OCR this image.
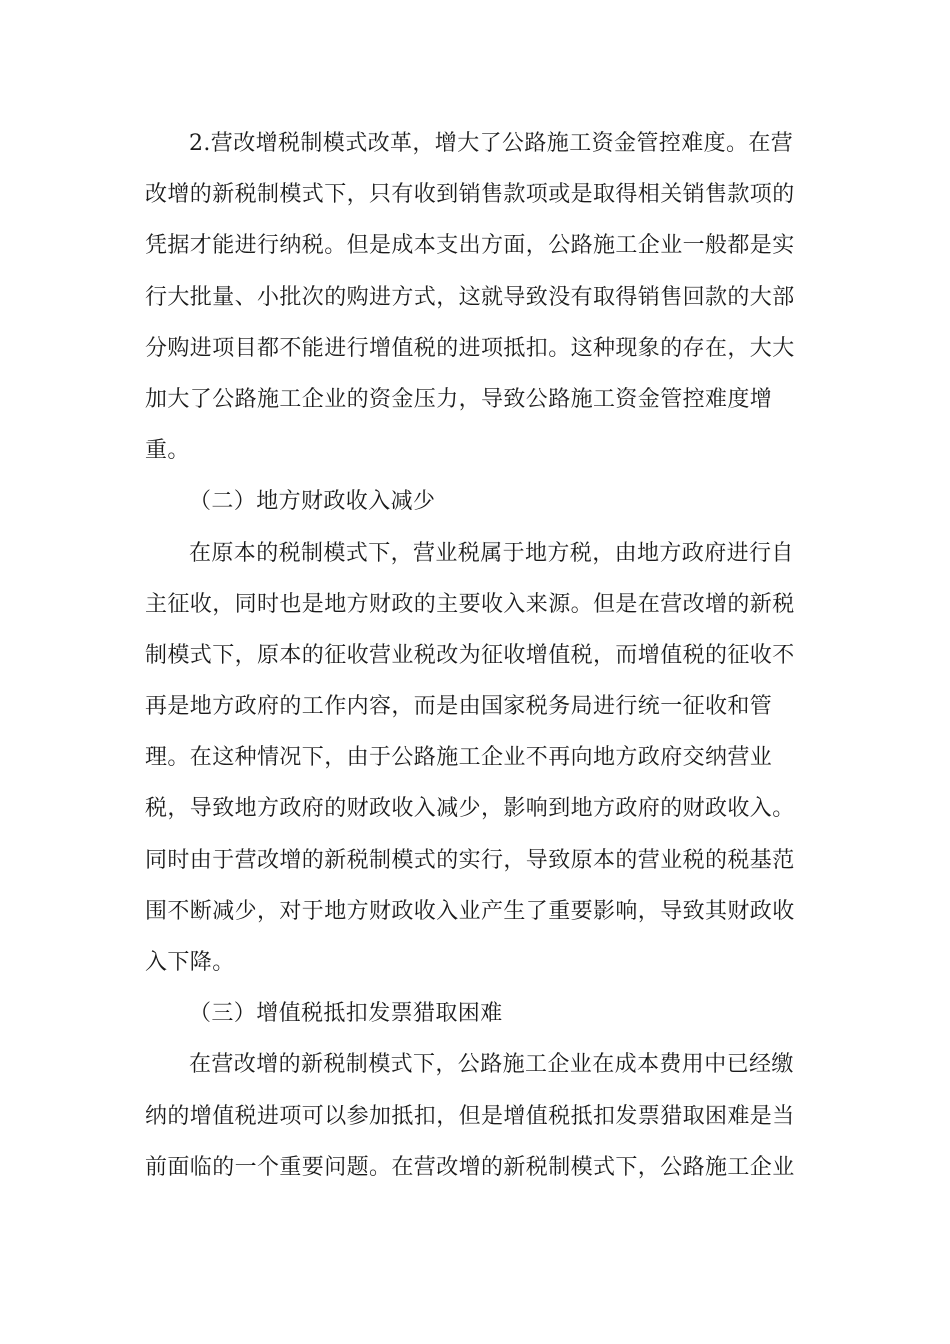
2.营改增税制模式改革，增大了公路施工资金管控难度。在营
改增的新税制模式下，只有收到销售款项或是取得相关销售款项的
凭据才能进行纳税。但是成本支出方面，公路施工企业一般都是实
行大批量、小批次的购进方式，这就导致没有取得销售回款的大部
分购进项目都不能进行增值税的进项抵扣。这种现象的存在，大大
加大了公路施工企业的资金压力，导致公路施工资金管控难度增
重。
（二）地方财政收入减少
在原本的税制模式下，营业税属于地方税，由地方政府进行自
主征收，同时也是地方财政的主要收入来源。但是在营改增的新税
制模式下，原本的征收营业税改为征收增值税，而增值税的征收不
再是地方政府的工作内容，而是由国家税务局进行统一征收和管
理。在这种情况下，由于公路施工企业不再向地方政府交纳营业
税，导致地方政府的财政收入减少，影响到地方政府的财政收入。
同时由于营改增的新税制模式的实行，导致原本的营业税的税基范
围不断减少，对于地方财政收入业产生了重要影响，导致其财政收
入下降。
（三）增值税抵扣发票猎取困难
在营改增的新税制模式下，公路施工企业在成本费用中已经缴
纳的增值税进项可以参加抵扣，但是增值税抵扣发票猎取困难是当
前面临的一个重要问题。在营改增的新税制模式下，公路施工企业
